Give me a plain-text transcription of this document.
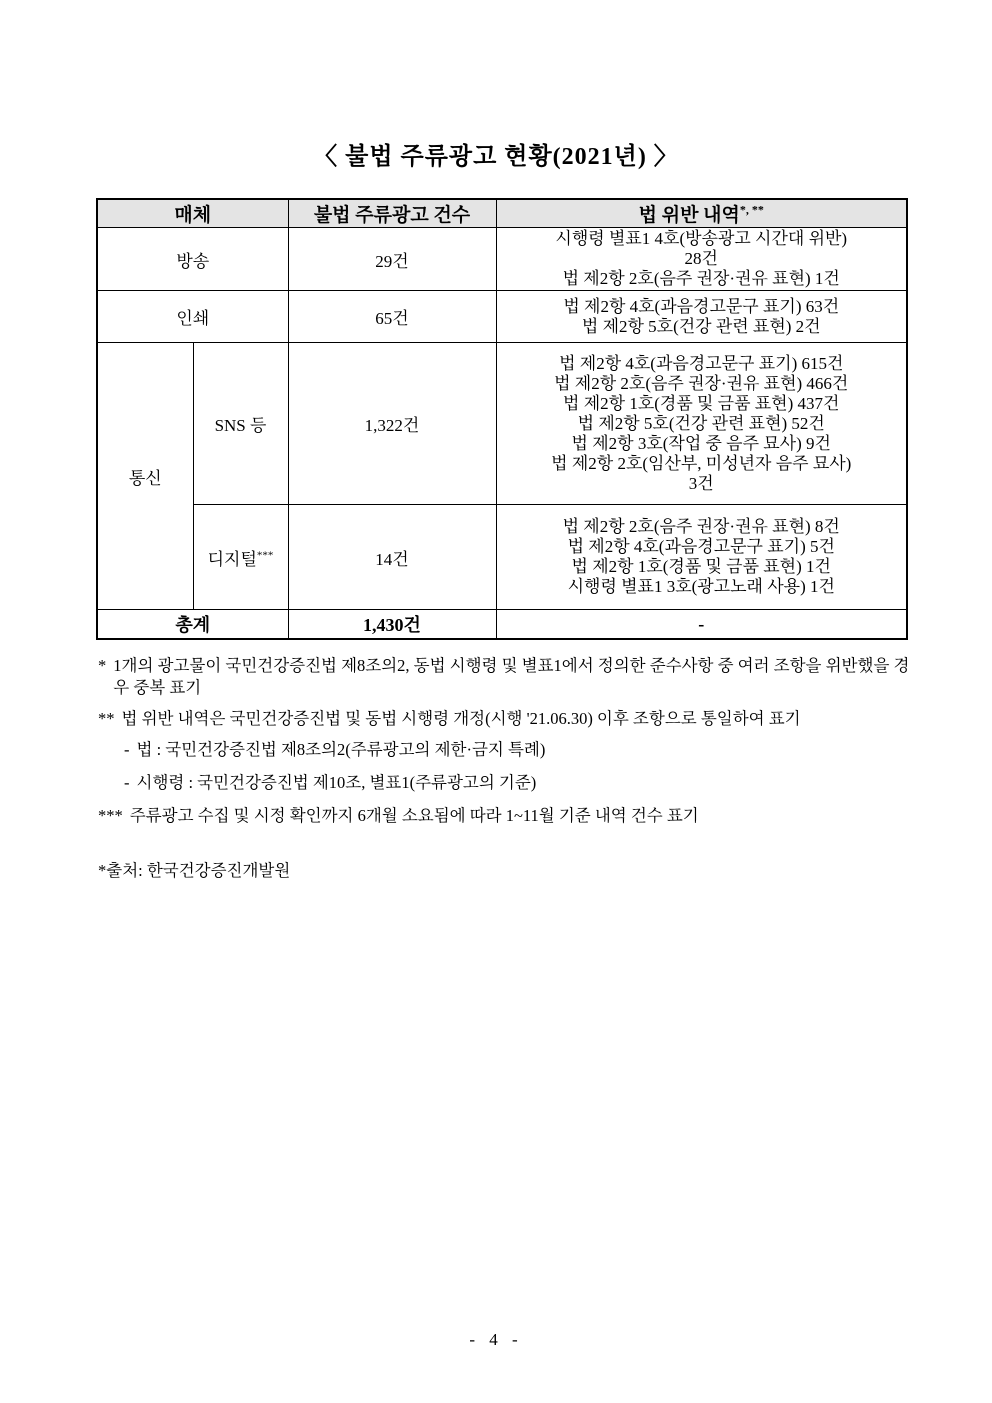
〈 불법 주류광고 현황(2021년) 〉
매체		불법 주류광고 건수	법 위반 내역*, **
방송		29건	시행령 별표1 4호(방송광고 시간대 위반)
28건
법 제2항 2호(음주 권장·권유 표현) 1건

인쇄		65건	법 제2항 4호(과음경고문구 표기) 63건
법 제2항 5호(건강 관련 표현) 2건

통신	SNS 등	1,322건	
법 제2항 4호(과음경고문구 표기) 615건
법 제2항 2호(음주 권장·권유 표현) 466건
법 제2항 1호(경품 및 금품 표현) 437건
법 제2항 5호(건강 관련 표현) 52건
법 제2항 3호(작업 중 음주 묘사) 9건
법 제2항 2호(임산부, 미성년자 음주 묘사)
3건

	디지털***	14건	법 제2항 2호(음주 권장·권유 표현) 8건
법 제2항 4호(과음경고문구 표기) 5건
법 제2항 1호(경품 및 금품 표현) 1건
시행령 별표1 3호(광고노래 사용) 1건

총계		1,430건	-
* 1개의 광고물이 국민건강증진법 제8조의2, 동법 시행령 및 별표1에서 정의한 준수사항 중 여러 조항을 위반했을 경우 중복 표기
** 법 위반 내역은 국민건강증진법 및 동법 시행령 개정(시행 '21.06.30) 이후 조항으로 통일하여 표기
- 법 : 국민건강증진법 제8조의2(주류광고의 제한·금지 특례)
- 시행령 : 국민건강증진법 제10조, 별표1(주류광고의 기준)
*** 주류광고 수집 및 시정 확인까지 6개월 소요됨에 따라 1~11월 기준 내역 건수 표기
*출처: 한국건강증진개발원
- 4 -
